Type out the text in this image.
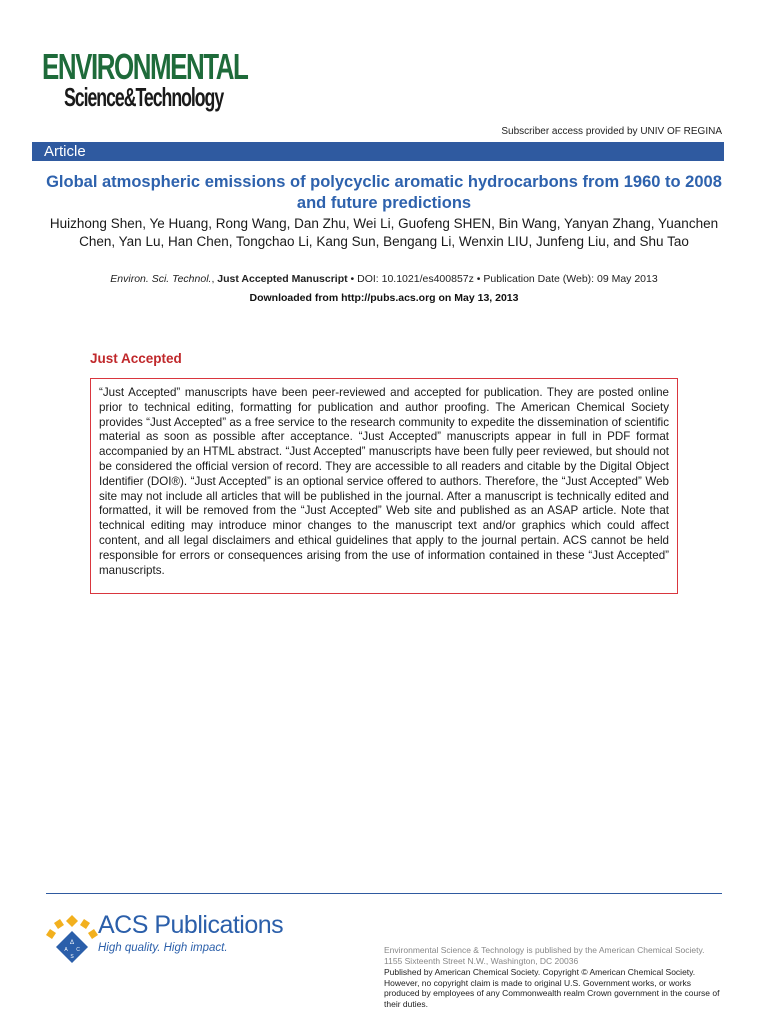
ENVIRONMENTAL
Science&Technology
Subscriber access provided by UNIV OF REGINA
Article
Global atmospheric emissions of polycyclic aromatic hydrocarbons from 1960 to 2008 and future predictions
Huizhong Shen, Ye Huang, Rong Wang, Dan Zhu, Wei Li, Guofeng SHEN, Bin Wang, Yanyan Zhang, Yuanchen Chen, Yan Lu, Han Chen, Tongchao Li, Kang Sun, Bengang Li, Wenxin LIU, Junfeng Liu, and Shu Tao
Environ. Sci. Technol., Just Accepted Manuscript • DOI: 10.1021/es400857z • Publication Date (Web): 09 May 2013
Downloaded from http://pubs.acs.org on May 13, 2013
Just Accepted

“Just Accepted” manuscripts have been peer-reviewed and accepted for publication. They are posted online prior to technical editing, formatting for publication and author proofing. The American Chemical Society provides “Just Accepted” as a free service to the research community to expedite the dissemination of scientific material as soon as possible after acceptance. “Just Accepted” manuscripts appear in full in PDF format accompanied by an HTML abstract. “Just Accepted” manuscripts have been fully peer reviewed, but should not be considered the official version of record. They are accessible to all readers and citable by the Digital Object Identifier (DOI®). “Just Accepted” is an optional service offered to authors. Therefore, the “Just Accepted” Web site may not include all articles that will be published in the journal. After a manuscript is technically edited and formatted, it will be removed from the “Just Accepted” Web site and published as an ASAP article. Note that technical editing may introduce minor changes to the manuscript text and/or graphics which could affect content, and all legal disclaimers and ethical guidelines that apply to the journal pertain. ACS cannot be held responsible for errors or consequences arising from the use of information contained in these “Just Accepted” manuscripts.

Δ
A C
S
ACS Publications
High quality. High impact.	Environmental Science & Technology is published by the American Chemical Society. 1155 Sixteenth Street N.W., Washington, DC 20036
Published by American Chemical Society. Copyright © American Chemical Society. However, no copyright claim is made to original U.S. Government works, or works produced by employees of any Commonwealth realm Crown government in the course of their duties.
